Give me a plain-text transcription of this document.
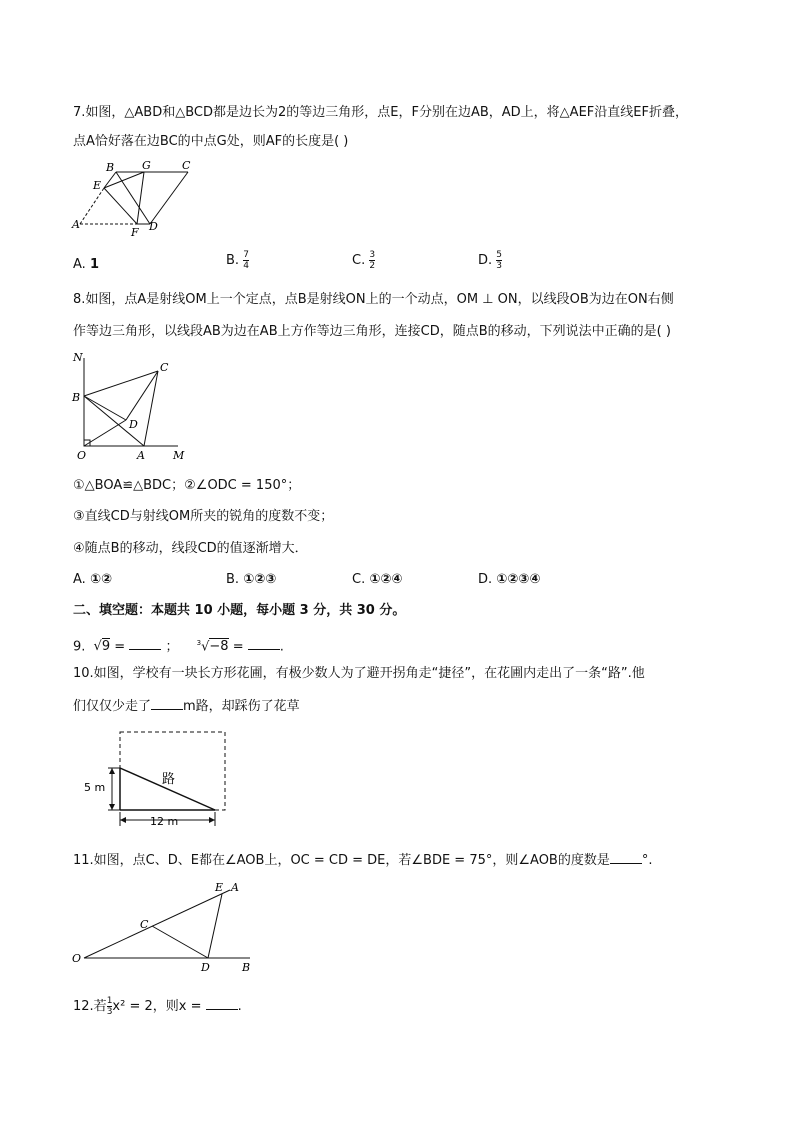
7.如图，△ABD和△BCD都是边长为2的等边三角形，点E，F分别在边AB，AD上，将△AEF沿直线EF折叠，
点A恰好落在边BC的中点G处，则AF的长度是( )
B	G	C
E
A
F D
A. 1	B. $\frac{7}{4}$	C. $\frac{3}{2}$	D. $\frac{5}{3}$
8.如图，点A是射线OM上一个定点，点B是射线ON上的一个动点，OM ⊥ ON，以线段OB为边在ON右侧
作等边三角形，以线段AB为边在AB上方作等边三角形，连接CD，随点B的移动，下列说法中正确的是( )
N
C
B
D
O	A	M
①△BOA≌△BDC；②∠ODC = 150°；
③直线CD与射线OM所夹的锐角的度数不变；
④随点B的移动，线段CD的值逐渐增大．
A. ①②	B. ①②③	C. ①②④	D. ①②③④
二、填空题：本题共 10 小题，每小题 3 分，共 30 分。
9. √9 =	；	$^3$√−8 =	.
10.如图，学校有一块长方形花圃，有极少数人为了避开拐角走“捷径”，在花圃内走出了一条“路”.他
们仅仅少走了 m路，却踩伤了花草
路
5 m
12 m
11.如图，点C、D、E都在∠AOB上，OC = CD = DE，若∠BDE = 75°，则∠AOB的度数是 °.
E A
C
O
D	B
12.若 $\frac{1}{3} x^2 = 2$，则x = .
